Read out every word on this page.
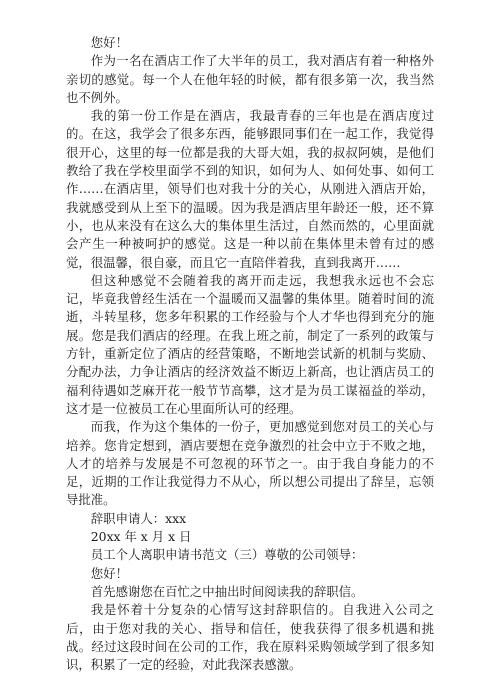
您好！

作为一名在酒店工作了大半年的员工，我对酒店有着一种格外亲切的感觉。每一个人在他年轻的时候，都有很多第一次，我当然也不例外。

我的第一份工作是在酒店，我最青春的三年也是在酒店度过的。在这，我学会了很多东西，能够跟同事们在一起工作，我觉得很开心，这里的每一位都是我的大哥大姐，我的叔叔阿姨，是他们教给了我在学校里面学不到的知识，如何为人、如何处事、如何工作……在酒店里，领导们也对我十分的关心，从刚进入酒店开始，我就感受到从上至下的温暖。因为我是酒店里年龄还一般，还不算小，也从来没有在这么大的集体里生活过，自然而然的，心里面就会产生一种被呵护的感觉。这是一种以前在集体里未曾有过的感觉，很温馨，很自豪，而且它一直陪伴着我，直到我离开……

但这种感觉不会随着我的离开而走远，我想我永远也不会忘记，毕竟我曾经生活在一个温暖而又温馨的集体里。随着时间的流逝，斗转星移，您多年积累的工作经验与个人才华也得到充分的施展。您是我们酒店的经理。在我上班之前，制定了一系列的政策与方针，重新定位了酒店的经营策略，不断地尝试新的机制与奖励、分配办法，力争让酒店的经济效益不断迈上新高，也让酒店员工的福利待遇如芝麻开花一般节节高攀，这才是为员工谋福益的举动，这才是一位被员工在心里面所认可的经理。

而我，作为这个集体的一份子，更加感觉到您对员工的关心与培养。您肯定想到，酒店要想在竞争激烈的社会中立于不败之地，人才的培养与发展是不可忽视的环节之一。由于我自身能力的不足，近期的工作让我觉得力不从心，所以想公司提出了辞呈，忘领导批准。

辞职申请人：xxx
20xx 年 x 月 x 日
员工个人离职申请书范文（三）尊敬的公司领导：
您好！

首先感谢您在百忙之中抽出时间阅读我的辞职信。

我是怀着十分复杂的心情写这封辞职信的。自我进入公司之后，由于您对我的关心、指导和信任，使我获得了很多机遇和挑战。经过这段时间在公司的工作，我在原料采购领域学到了很多知识，积累了一定的经验，对此我深表感激。
